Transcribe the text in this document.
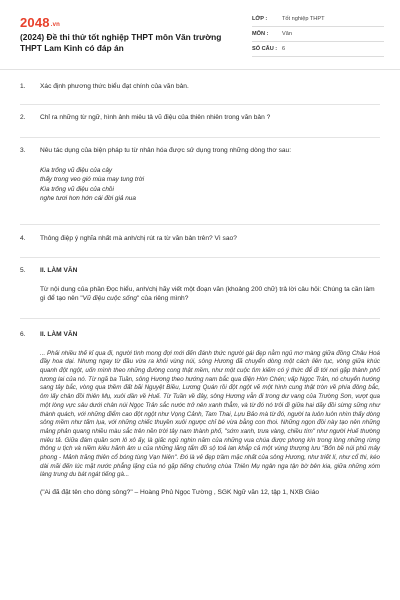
2048.vn
(2024) Đề thi thử tốt nghiệp THPT môn Văn trường THPT Lam Kinh có đáp án
LỚP :	Tốt nghiệp THPT
MÔN :	Văn
SỐ CÂU : 6
1.	Xác định phương thức biểu đạt chính của văn bản.
2.	Chỉ ra những từ ngữ, hình ảnh miêu tả vũ điệu của thiên nhiên trong văn bản ?
3.	Nêu tác dụng của biện pháp tu từ nhân hóa được sử dụng trong những dòng thơ sau:
Kìa trống vũ điệu của cây
thấy trong veo gió mùa may tung trời
Kìa trống vũ điệu của chồi
nghe tươi hơn hớn cái đời giả nua
4.	Thông điệp ý nghĩa nhất mà anh/chị rút ra từ văn bản trên? Vì sao?
5.	II. LÀM VĂN
Từ nội dung của phần Đọc hiểu, anh/chị hãy viết một đoạn văn (khoảng 200 chữ) trả lời câu hỏi: Chúng ta cần làm gì để tạo nên "Vũ điệu cuộc sống" của riêng mình?
6.	II. LÀM VĂN
... Phải nhiều thế kỉ qua đi, người tình mong đợi mới đến đánh thức người gái đẹp nằm ngủ mơ màng giữa đồng Châu Hoá đầy hoa dại. Nhưng ngay từ đầu vừa ra khỏi vùng núi, sông Hương đã chuyển dòng một cách liên tục, vòng giữa khúc quanh đột ngột, uốn mình theo những đường cong thật mềm, như một cuộc tìm kiếm có ý thức để đi tới nơi gặp thành phố tương lai của nó. Từ ngã ba Tuần, sông Hương theo hướng nam bắc qua điện Hòn Chén; vấp Ngọc Trản, nó chuyển hướng sang tây bắc, vòng qua thềm đất bãi Nguyệt Biều, Lương Quán rồi đột ngột vẽ một hình cung thật tròn về phía đông bắc, ôm lấy chân đồi thiên Mụ, xuôi dần về Huế. Từ Tuần về đây, sông Hương vẫn đi trong dư vang của Trường Sơn, vượt qua một lòng vực sâu dưới chân núi Ngọc Trản sắc nước trở nên xanh thẳm, và từ đó nó trôi đi giữa hai dãy đồi sừng sững như thành quách, với những điểm cao đột ngột như Vọng Cảnh, Tam Thai, Lựu Bảo mà từ đó, người ta luôn luôn nhìn thấy dòng sông mềm như tấm lụa, với những chiếc thuyền xuôi ngược chỉ bé vừa bằng con thoi. Những ngọn đồi này tạo nên những mảng phản quang nhiều màu sắc trên nền trời tây nam thành phố, "sớm xanh, trưa vàng, chiều tím" như người Huế thường miêu tả. Giữa đám quần sơn lô xô ấy, là giấc ngủ nghìn năm của những vua chúa được phong kín trong lòng những rừng thông u tịch và niềm kiêu hãnh âm u của những lăng tẩm đồ sộ toả lan khắp cả một vùng thượng lưu "Bốn bề núi phủ mây phong - Mảnh trăng thiên cổ bóng tùng Vạn Niên". Đó là vẻ đẹp trầm mặc nhất của sông Hương, như triết lí, như cổ thi, kéo dài mãi đến lúc mặt nước phẳng lặng của nó gặp tiếng chuông chùa Thiên Mụ ngân nga tận bờ bên kia, giữa những xóm làng trung du bát ngát tiếng gà...
("Ai đã đặt tên cho dòng sông?" – Hoàng Phủ Ngọc Tường , SGK Ngữ văn 12, tập 1, NXB Giáo
